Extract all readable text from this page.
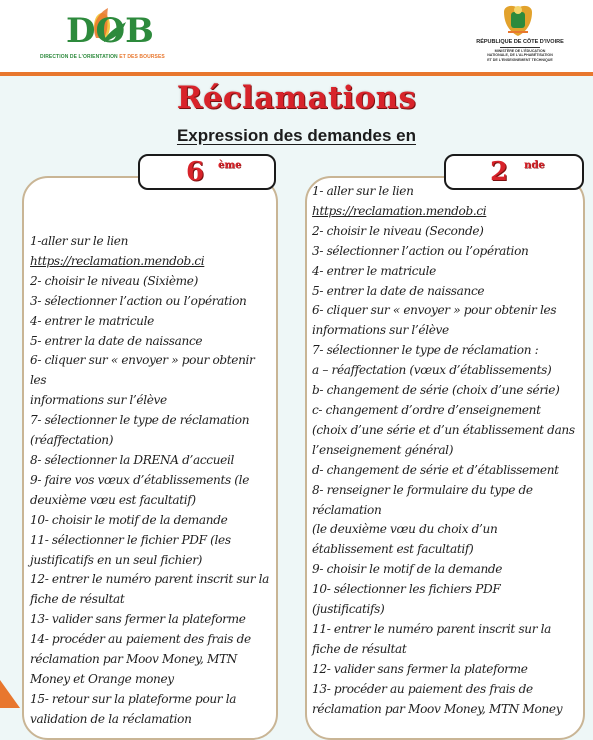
DOB
DIRECTION DE L'ORIENTATION ET DES BOURSES
RÉPUBLIQUE DE CÔTE D'IVOIRE
MINISTÈRE DE L'ÉDUCATION
NATIONALE, DE L'ALPHABÉTISATION
ET DE L'ENSEIGNEMENT TECHNIQUE
Réclamations
Expression des demandes en
6 ème	2 nde
1-aller sur le lien
https://reclamation.mendob.ci
2- choisir le niveau (Sixième)
3- sélectionner l’action ou l’opération
4- entrer le matricule
5- entrer la date de naissance
6- cliquer sur « envoyer » pour obtenir les
informations sur l’élève
7- sélectionner le type de réclamation
(réaffectation)
8- sélectionner la DRENA d’accueil
9- faire vos vœux d’établissements (le
deuxième vœu est facultatif)
10- choisir le motif de la demande
11- sélectionner le fichier PDF (les
justificatifs en un seul fichier)
12- entrer le numéro parent inscrit sur la
fiche de résultat
13- valider sans fermer la plateforme
14- procéder au paiement des frais de
réclamation par Moov Money, MTN
Money et Orange money
15- retour sur la plateforme pour la
validation de la réclamation
1- aller sur le lien
https://reclamation.mendob.ci
2- choisir le niveau (Seconde)
3- sélectionner l’action ou l’opération
4- entrer le matricule
5- entrer la date de naissance
6- cliquer sur « envoyer » pour obtenir les
informations sur l’élève
7- sélectionner le type de réclamation :
a – réaffectation (vœux d’établissements)
b- changement de série (choix d’une série)
c- changement d’ordre d’enseignement
(choix d’une série et d’un établissement dans
l’enseignement général)
d- changement de série et d’établissement
8- renseigner le formulaire du type de
réclamation
(le deuxième vœu du choix d’un
établissement est facultatif)
9- choisir le motif de la demande
10- sélectionner les fichiers PDF
(justificatifs)
11- entrer le numéro parent inscrit sur la
fiche de résultat
12- valider sans fermer la plateforme
13- procéder au paiement des frais de
réclamation par Moov Money, MTN Money
